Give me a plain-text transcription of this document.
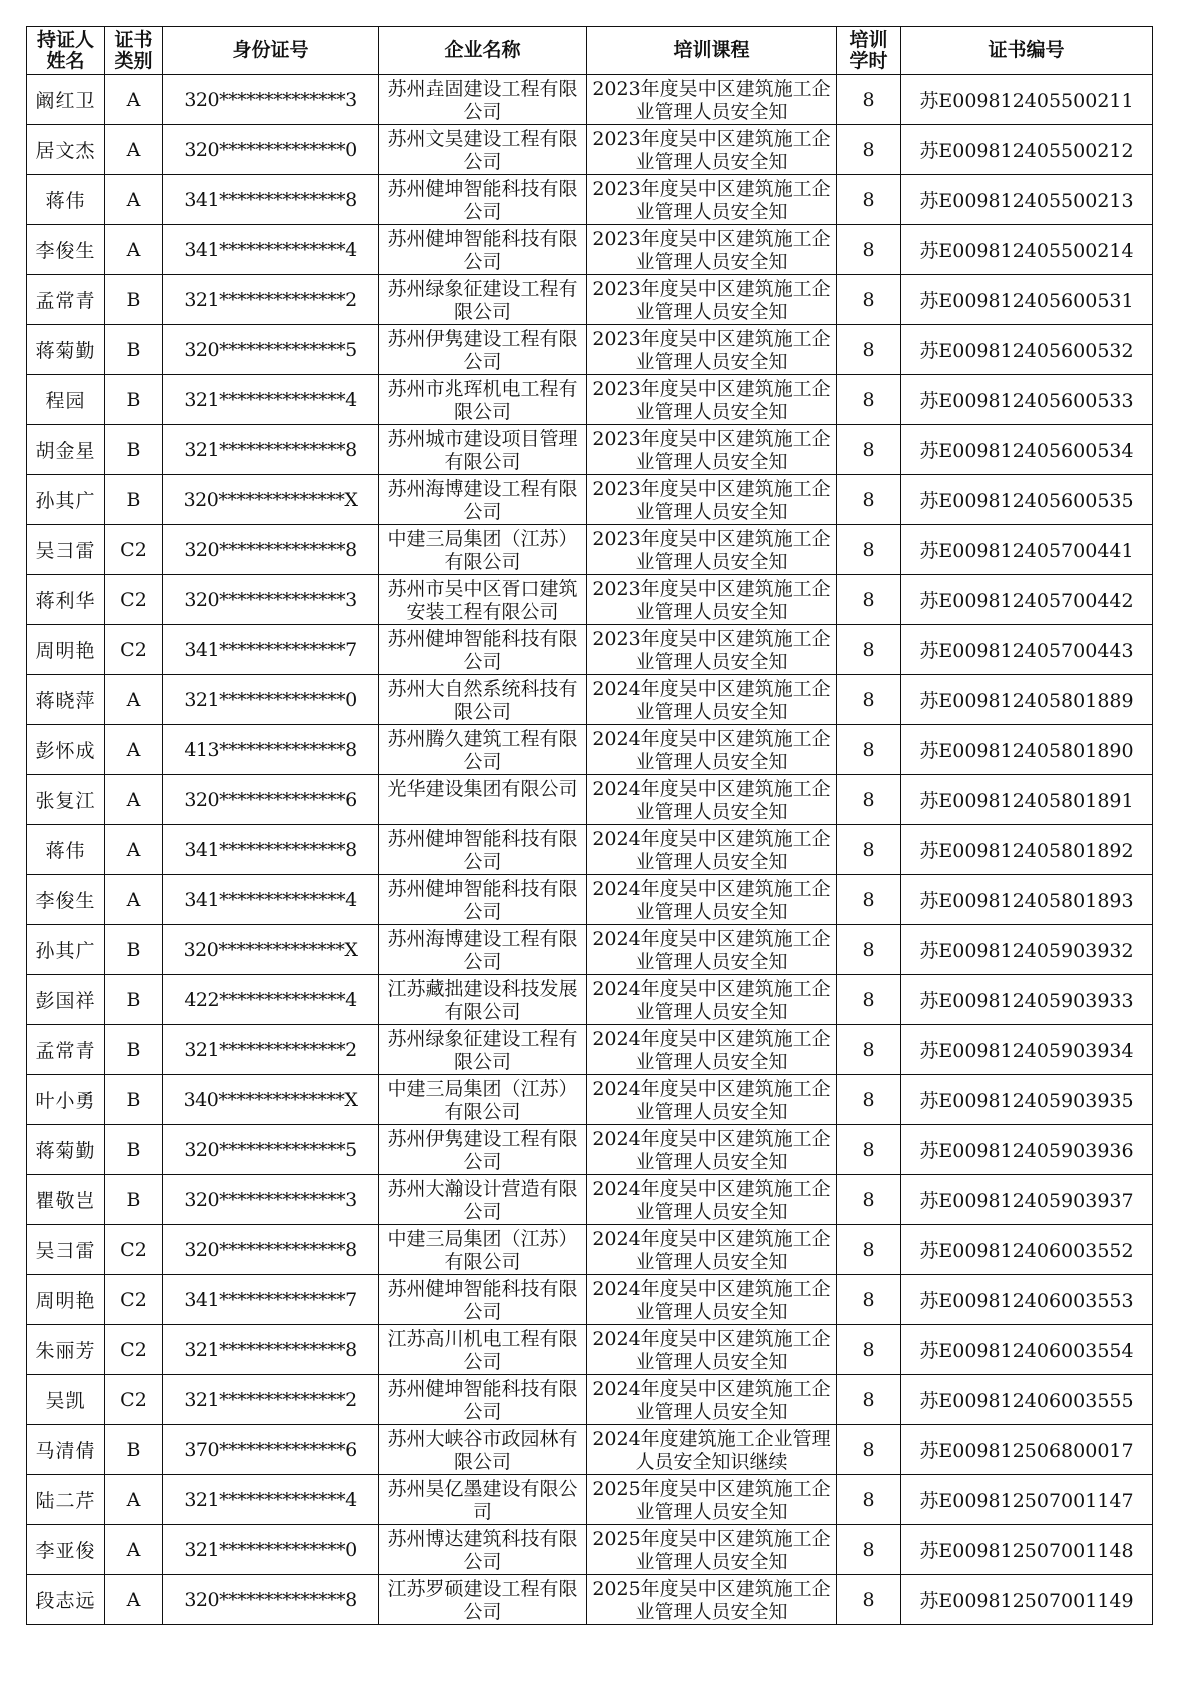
持证人姓名	证书类别	身份证号	企业名称	培训课程	培训学时	证书编号
阚红卫	A	320**************3	苏州垚固建设工程有限公司	2023年度吴中区建筑施工企业管理人员安全知	8	苏E009812405500211
居文杰	A	320**************0	苏州文昊建设工程有限公司	2023年度吴中区建筑施工企业管理人员安全知	8	苏E009812405500212
蒋伟	A	341**************8	苏州健坤智能科技有限公司	2023年度吴中区建筑施工企业管理人员安全知	8	苏E009812405500213
李俊生	A	341**************4	苏州健坤智能科技有限公司	2023年度吴中区建筑施工企业管理人员安全知	8	苏E009812405500214
孟常青	B	321**************2	苏州绿象征建设工程有限公司	2023年度吴中区建筑施工企业管理人员安全知	8	苏E009812405600531
蒋菊勤	B	320**************5	苏州伊隽建设工程有限公司	2023年度吴中区建筑施工企业管理人员安全知	8	苏E009812405600532
程园	B	321**************4	苏州市兆珲机电工程有限公司	2023年度吴中区建筑施工企业管理人员安全知	8	苏E009812405600533
胡金星	B	321**************8	苏州城市建设项目管理有限公司	2023年度吴中区建筑施工企业管理人员安全知	8	苏E009812405600534
孙其广	B	320**************X	苏州海博建设工程有限公司	2023年度吴中区建筑施工企业管理人员安全知	8	苏E009812405600535
吴彐雷	C2	320**************8	中建三局集团（江苏）有限公司	2023年度吴中区建筑施工企业管理人员安全知	8	苏E009812405700441
蒋利华	C2	320**************3	苏州市吴中区胥口建筑安装工程有限公司	2023年度吴中区建筑施工企业管理人员安全知	8	苏E009812405700442
周明艳	C2	341**************7	苏州健坤智能科技有限公司	2023年度吴中区建筑施工企业管理人员安全知	8	苏E009812405700443
蒋晓萍	A	321**************0	苏州大自然系统科技有限公司	2024年度吴中区建筑施工企业管理人员安全知	8	苏E009812405801889
彭怀成	A	413**************8	苏州腾久建筑工程有限公司	2024年度吴中区建筑施工企业管理人员安全知	8	苏E009812405801890
张复江	A	320**************6	光华建设集团有限公司	2024年度吴中区建筑施工企业管理人员安全知	8	苏E009812405801891
蒋伟	A	341**************8	苏州健坤智能科技有限公司	2024年度吴中区建筑施工企业管理人员安全知	8	苏E009812405801892
李俊生	A	341**************4	苏州健坤智能科技有限公司	2024年度吴中区建筑施工企业管理人员安全知	8	苏E009812405801893
孙其广	B	320**************X	苏州海博建设工程有限公司	2024年度吴中区建筑施工企业管理人员安全知	8	苏E009812405903932
彭国祥	B	422**************4	江苏藏拙建设科技发展有限公司	2024年度吴中区建筑施工企业管理人员安全知	8	苏E009812405903933
孟常青	B	321**************2	苏州绿象征建设工程有限公司	2024年度吴中区建筑施工企业管理人员安全知	8	苏E009812405903934
叶小勇	B	340**************X	中建三局集团（江苏）有限公司	2024年度吴中区建筑施工企业管理人员安全知	8	苏E009812405903935
蒋菊勤	B	320**************5	苏州伊隽建设工程有限公司	2024年度吴中区建筑施工企业管理人员安全知	8	苏E009812405903936
瞿敬岂	B	320**************3	苏州大瀚设计营造有限公司	2024年度吴中区建筑施工企业管理人员安全知	8	苏E009812405903937
吴彐雷	C2	320**************8	中建三局集团（江苏）有限公司	2024年度吴中区建筑施工企业管理人员安全知	8	苏E009812406003552
周明艳	C2	341**************7	苏州健坤智能科技有限公司	2024年度吴中区建筑施工企业管理人员安全知	8	苏E009812406003553
朱丽芳	C2	321**************8	江苏高川机电工程有限公司	2024年度吴中区建筑施工企业管理人员安全知	8	苏E009812406003554
吴凯	C2	321**************2	苏州健坤智能科技有限公司	2024年度吴中区建筑施工企业管理人员安全知	8	苏E009812406003555
马清倩	B	370**************6	苏州大峡谷市政园林有限公司	2024年度建筑施工企业管理人员安全知识继续	8	苏E009812506800017
陆二芹	A	321**************4	苏州昊亿墨建设有限公司	2025年度吴中区建筑施工企业管理人员安全知	8	苏E009812507001147
李亚俊	A	321**************0	苏州博达建筑科技有限公司	2025年度吴中区建筑施工企业管理人员安全知	8	苏E009812507001148
段志远	A	320**************8	江苏罗硕建设工程有限公司	2025年度吴中区建筑施工企业管理人员安全知	8	苏E009812507001149
